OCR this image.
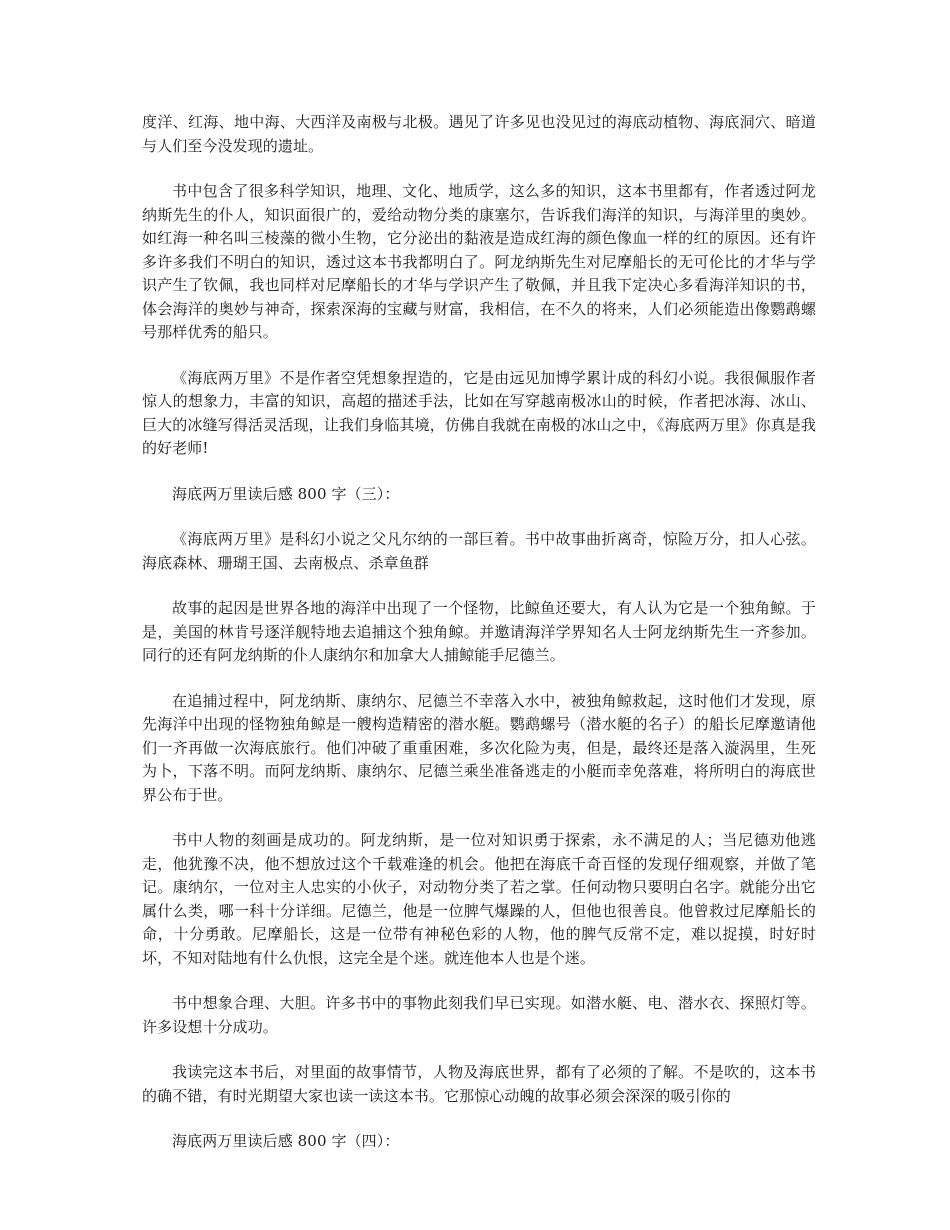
度洋、红海、地中海、大西洋及南极与北极。遇见了许多见也没见过的海底动植物、海底洞穴、暗道与人们至今没发现的遗址。

书中包含了很多科学知识，地理、文化、地质学，这么多的知识，这本书里都有，作者透过阿龙纳斯先生的仆人，知识面很广的，爱给动物分类的康塞尔，告诉我们海洋的知识，与海洋里的奥妙。如红海一种名叫三棱藻的微小生物，它分泌出的黏液是造成红海的颜色像血一样的红的原因。还有许多许多我们不明白的知识，透过这本书我都明白了。阿龙纳斯先生对尼摩船长的无可伦比的才华与学识产生了钦佩，我也同样对尼摩船长的才华与学识产生了敬佩，并且我下定决心多看海洋知识的书，体会海洋的奥妙与神奇，探索深海的宝藏与财富，我相信，在不久的将来，人们必须能造出像鹦鹉螺号那样优秀的船只。

《海底两万里》不是作者空凭想象捏造的，它是由远见加博学累计成的科幻小说。我很佩服作者惊人的想象力，丰富的知识，高超的描述手法，比如在写穿越南极冰山的时候，作者把冰海、冰山、巨大的冰缝写得活灵活现，让我们身临其境，仿佛自我就在南极的冰山之中，《海底两万里》你真是我的好老师!

海底两万里读后感 800 字（三）：

《海底两万里》是科幻小说之父凡尔纳的一部巨着。书中故事曲折离奇，惊险万分，扣人心弦。海底森林、珊瑚王国、去南极点、杀章鱼群

故事的起因是世界各地的海洋中出现了一个怪物，比鲸鱼还要大，有人认为它是一个独角鲸。于是，美国的林肯号逐洋舰特地去追捕这个独角鲸。并邀请海洋学界知名人士阿龙纳斯先生一齐参加。同行的还有阿龙纳斯的仆人康纳尔和加拿大人捕鲸能手尼德兰。

在追捕过程中，阿龙纳斯、康纳尔、尼德兰不幸落入水中，被独角鲸救起，这时他们才发现，原先海洋中出现的怪物独角鲸是一艘构造精密的潜水艇。鹦鹉螺号（潜水艇的名子）的船长尼摩邀请他们一齐再做一次海底旅行。他们冲破了重重困难，多次化险为夷，但是，最终还是落入漩涡里，生死为卜，下落不明。而阿龙纳斯、康纳尔、尼德兰乘坐准备逃走的小艇而幸免落难，将所明白的海底世界公布于世。

书中人物的刻画是成功的。阿龙纳斯，是一位对知识勇于探索，永不满足的人；当尼德劝他逃走，他犹豫不决，他不想放过这个千载难逢的机会。他把在海底千奇百怪的发现仔细观察，并做了笔记。康纳尔，一位对主人忠实的小伙子，对动物分类了若之掌。任何动物只要明白名字。就能分出它属什么类，哪一科十分详细。尼德兰，他是一位脾气爆躁的人，但他也很善良。他曾救过尼摩船长的命，十分勇敢。尼摩船长，这是一位带有神秘色彩的人物，他的脾气反常不定，难以捉摸，时好时坏，不知对陆地有什么仇恨，这完全是个迷。就连他本人也是个迷。

书中想象合理、大胆。许多书中的事物此刻我们早已实现。如潜水艇、电、潜水衣、探照灯等。许多设想十分成功。

我读完这本书后，对里面的故事情节，人物及海底世界，都有了必须的了解。不是吹的，这本书的确不错，有时光期望大家也读一读这本书。它那惊心动魄的故事必须会深深的吸引你的

海底两万里读后感 800 字（四）：
